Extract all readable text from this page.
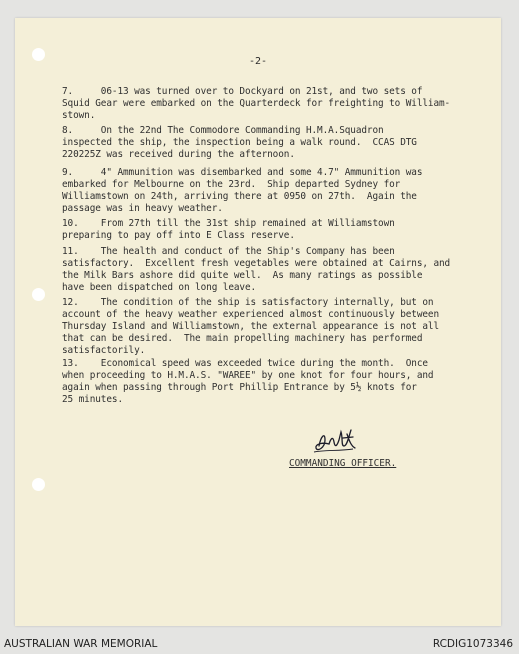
-2-
7.     06-13 was turned over to Dockyard on 21st, and two sets of
Squid Gear were embarked on the Quarterdeck for freighting to William-
stown.
8.     On the 22nd The Commodore Commanding H.M.A.Squadron
inspected the ship, the inspection being a walk round.  CCAS DTG
220225Z was received during the afternoon.
9.     4" Ammunition was disembarked and some 4.7" Ammunition was
embarked for Melbourne on the 23rd.  Ship departed Sydney for
Williamstown on 24th, arriving there at 0950 on 27th.  Again the
passage was in heavy weather.
10.    From 27th till the 31st ship remained at Williamstown
preparing to pay off into E Class reserve.
11.    The health and conduct of the Ship's Company has been
satisfactory.  Excellent fresh vegetables were obtained at Cairns, and
the Milk Bars ashore did quite well.  As many ratings as possible
have been dispatched on long leave.
12.    The condition of the ship is satisfactory internally, but on
account of the heavy weather experienced almost continuously between
Thursday Island and Williamstown, the external appearance is not all
that can be desired.  The main propelling machinery has performed
satisfactorily.
13.    Economical speed was exceeded twice during the month.  Once
when proceeding to H.M.A.S. "WAREE" by one knot for four hours, and
again when passing through Port Phillip Entrance by 5½ knots for
25 minutes.
COMMANDING OFFICER.
AUSTRALIAN WAR MEMORIAL	RCDIG1073346
